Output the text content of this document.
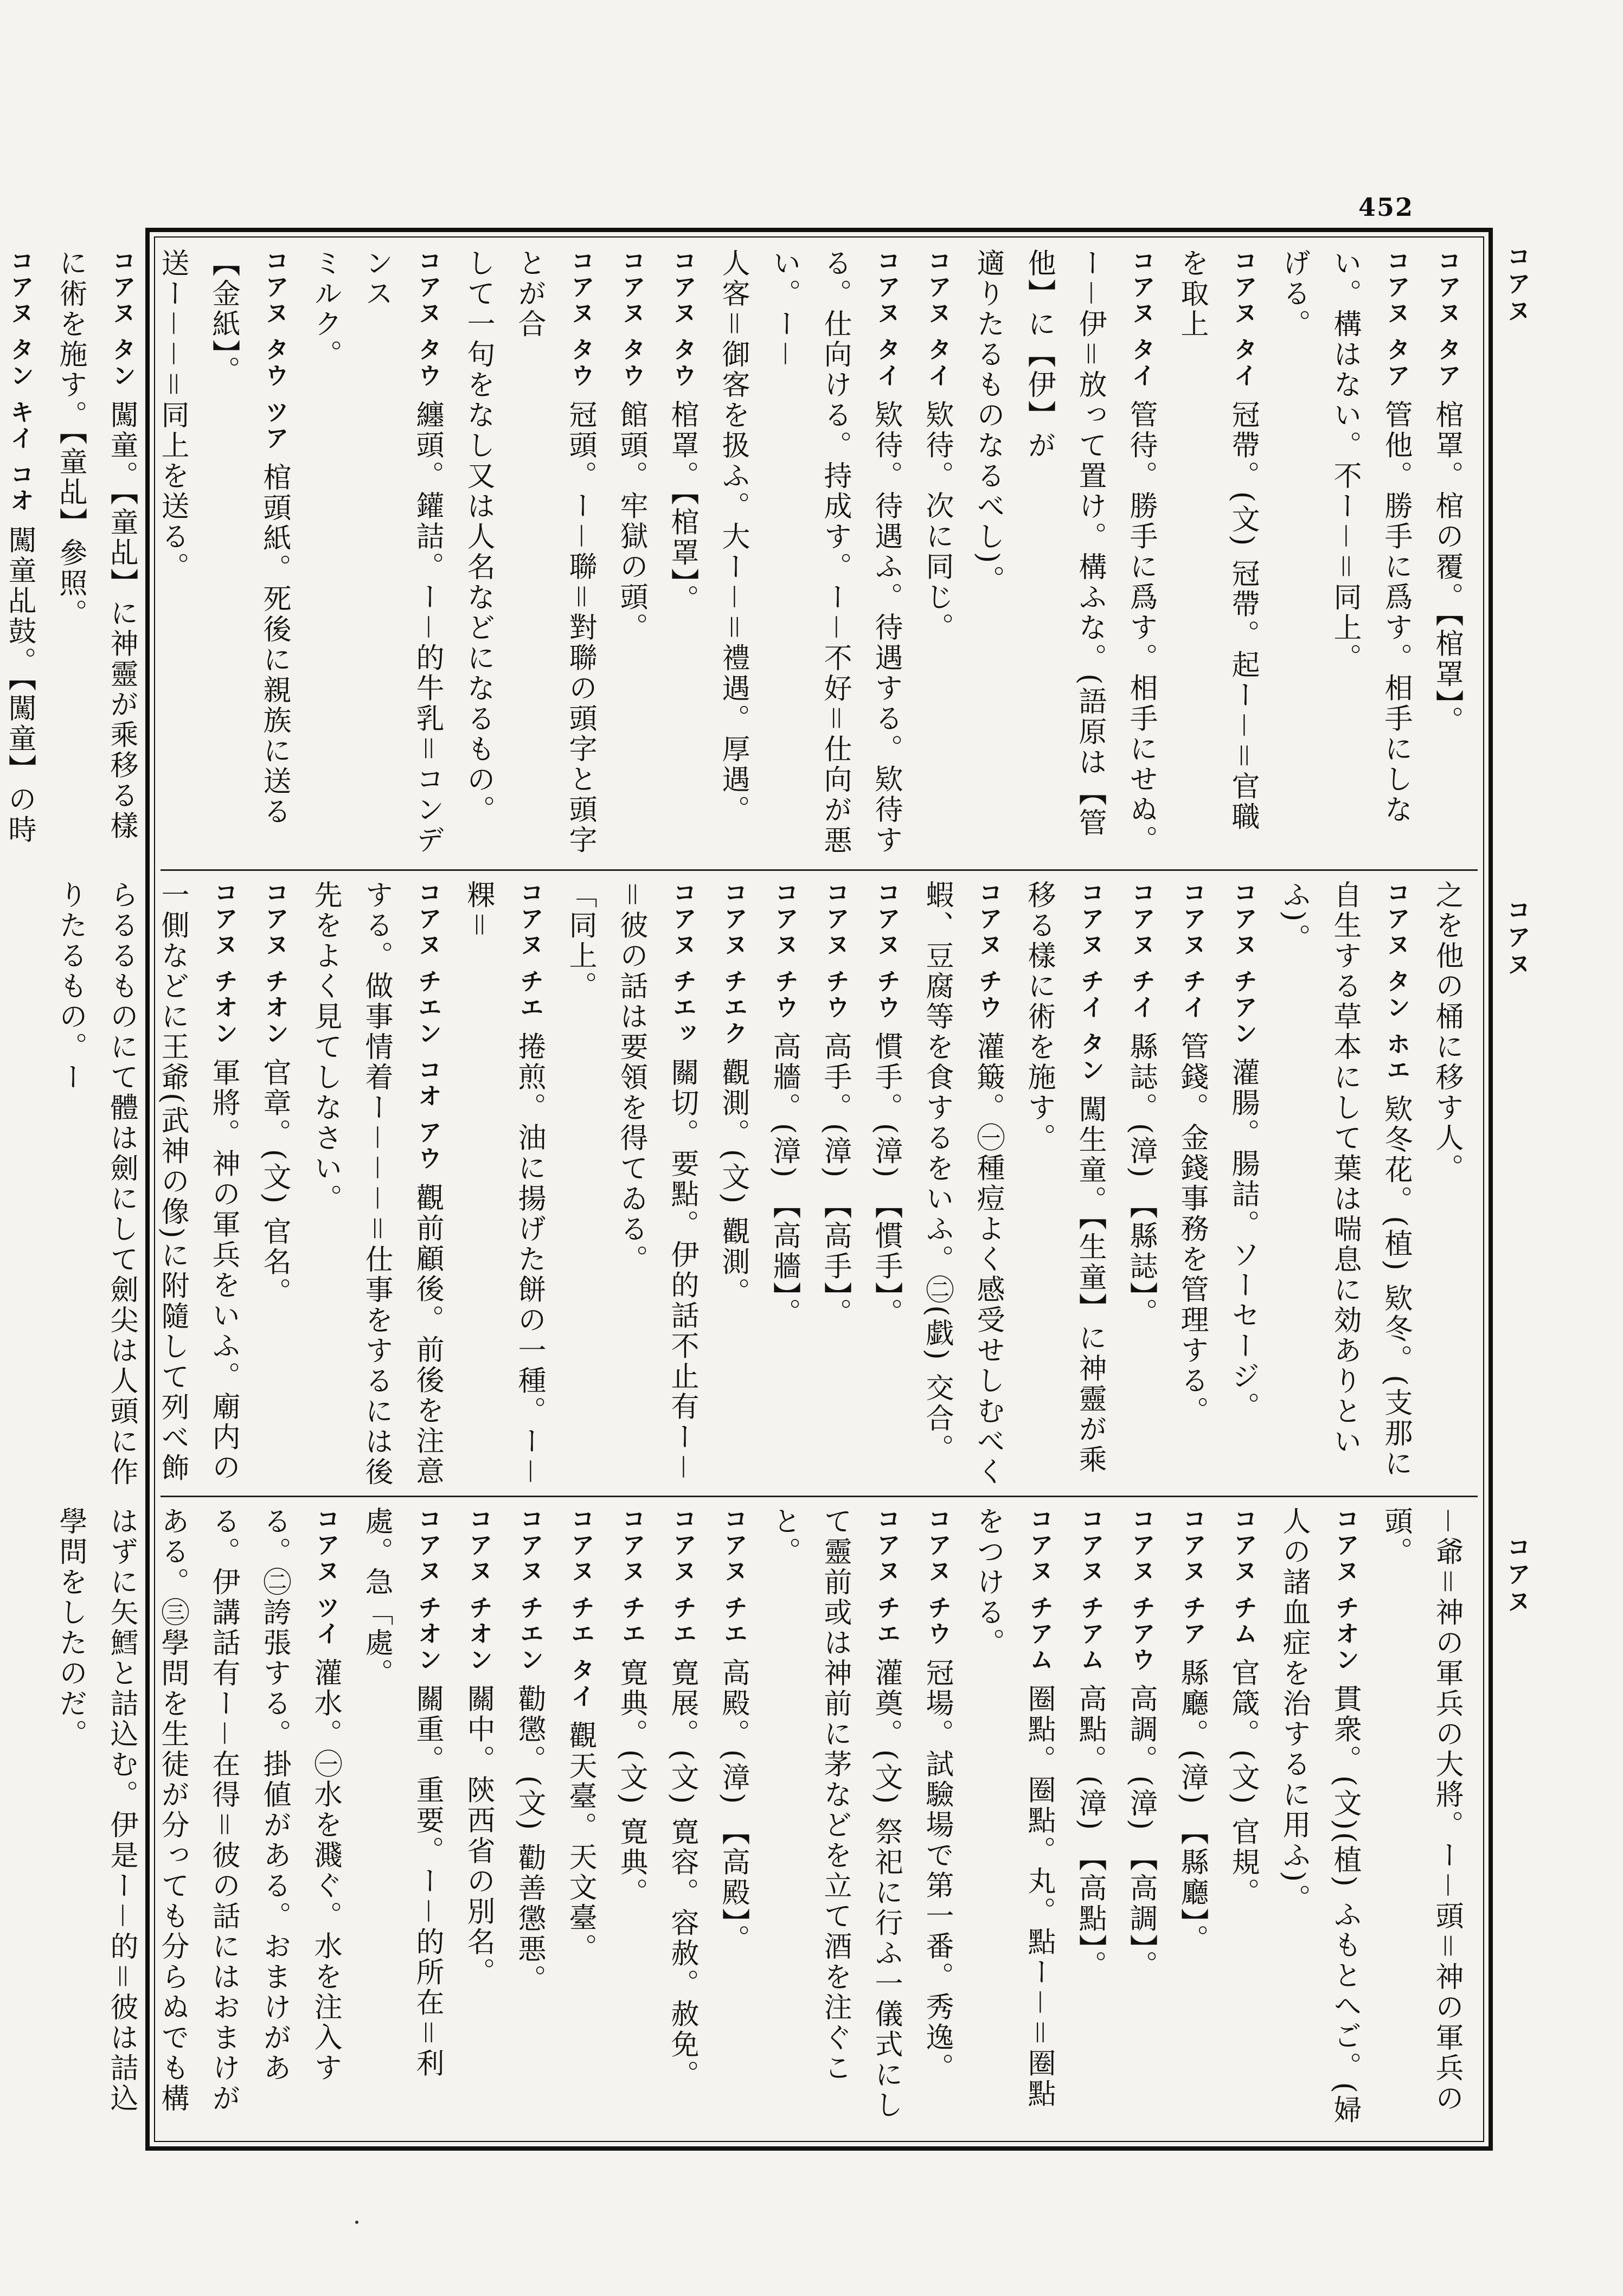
452
コアヌ
コアヌ
コアヌ
コアヌ タア 棺罩。棺の覆。【棺罩】。
コアヌ タア 管他。勝手に爲す。相手にしない。構はない。不ー－＝同上。
げる。
コアヌ タイ 冠帶。(文) 冠帶。起ー－＝官職を取上
コアヌ タイ 管待。勝手に爲す。相手にせぬ。ー－伊＝放って置け。構ふな。(語原は【管他】に【伊】が
適りたるものなるべし)。
コアヌ タイ 欵待。次に同じ。
コアヌ タイ 欵待。待遇ふ。待遇する。欵待する。仕向ける。持成す。ー－不好＝仕向が悪い。ー－
人客＝御客を扱ふ。大ー－＝禮遇。厚遇。
コアヌ タウ 棺罩。【棺罩】。
コアヌ タウ 館頭。牢獄の頭。
コアヌ タウ 冠頭。ー－聯＝對聯の頭字と頭字とが合
して一句をなし又は人名などになるもの。
コアヌ タウ 纏頭。鑵詰。ー－的牛乳＝コンデンス
ミルク。
コアヌ タウ ツア 棺頭紙。死後に親族に送る【金紙】。
送ー－－＝同上を送る。
コアヌ タン 闖童。【童乩】に神靈が乘移る樣に術を施す。【童乩】參照。
コアヌ タン キイ コオ 闖童乩鼓。【闖童】の時
之を他の桶に移す人。
コアヌ タン ホエ 欵冬花。(植) 欵冬。(支那に自生する草本にして葉は喘息に効ありといふ)。
コアヌ チアン 灌腸。腸詰。ソーセージ。
コアヌ チイ 管錢。金錢事務を管理する。
コアヌ チイ 縣誌。(漳) 【縣誌】。
コアヌ チイ タン 闖生童。【生童】に神靈が乘移る樣に術を施す。
コアヌ チウ 灌簸。㊀種痘よく感受せしむべく蝦、豆腐等を食するをいふ。㊁(戯) 交合。
コアヌ チウ 慣手。(漳) 【慣手】。
コアヌ チウ 高手。(漳) 【高手】。
コアヌ チウ 高牆。(漳) 【高牆】。
コアヌ チエク 觀測。(文) 觀測。
コアヌ チエッ 關切。要點。伊的話不止有ー－＝彼の話は要領を得てゐる。
「同上。
コアヌ チエ 捲煎。油に揚げた餅の一種。ー－粿＝
コアヌ チエン コオ アウ 觀前顧後。前後を注意する。做事情着ー－－－＝仕事をするには後先をよく見てしなさい。
コアヌ チオン 官章。(文) 官名。
コアヌ チオン 軍將。神の軍兵をいふ。廟内の一側などに王爺(武神の像)に附隨して列べ飾らるるものにて體は劍にして劍尖は人頭に作りたるもの。ー
－爺＝神の軍兵の大將。ー－頭＝神の軍兵の頭。
コアヌ チオン 貫衆。(文)(植) ふもとへご。(婦人の諸血症を治するに用ふ)。
コアヌ チム 官箴。(文) 官規。
コアヌ チア 縣廳。(漳) 【縣廳】。
コアヌ チアウ 高調。(漳) 【高調】。
コアヌ チアム 高點。(漳) 【高點】。
コアヌ チアム 圈點。圈點。丸。點ー－＝圈點をつける。
コアヌ チウ 冠場。試驗場で第一番。秀逸。
コアヌ チエ 灌奠。(文) 祭祀に行ふ一儀式にして靈前或は神前に茅などを立て酒を注ぐこと。
コアヌ チエ 高殿。(漳) 【高殿】。
コアヌ チエ 寛展。(文) 寛容。容赦。赦免。
コアヌ チエ 寛典。(文) 寛典。
コアヌ チエ タイ 觀天臺。天文臺。
コアヌ チエン 勸懲。(文) 勸善懲悪。
コアヌ チオン 關中。陝西省の別名。
コアヌ チオン 關重。重要。ー－的所在＝利處。急「處。
コアヌ ツイ 灌水。㊀水を濺ぐ。水を注入する。㊁誇張する。掛値がある。おまけがある。伊講話有ー－在得＝彼の話にはおまけがある。㊂學問を生徒が分っても分らぬでも構はずに矢鱈と詰込む。伊是ー－的＝彼は詰込學問をしたのだ。
